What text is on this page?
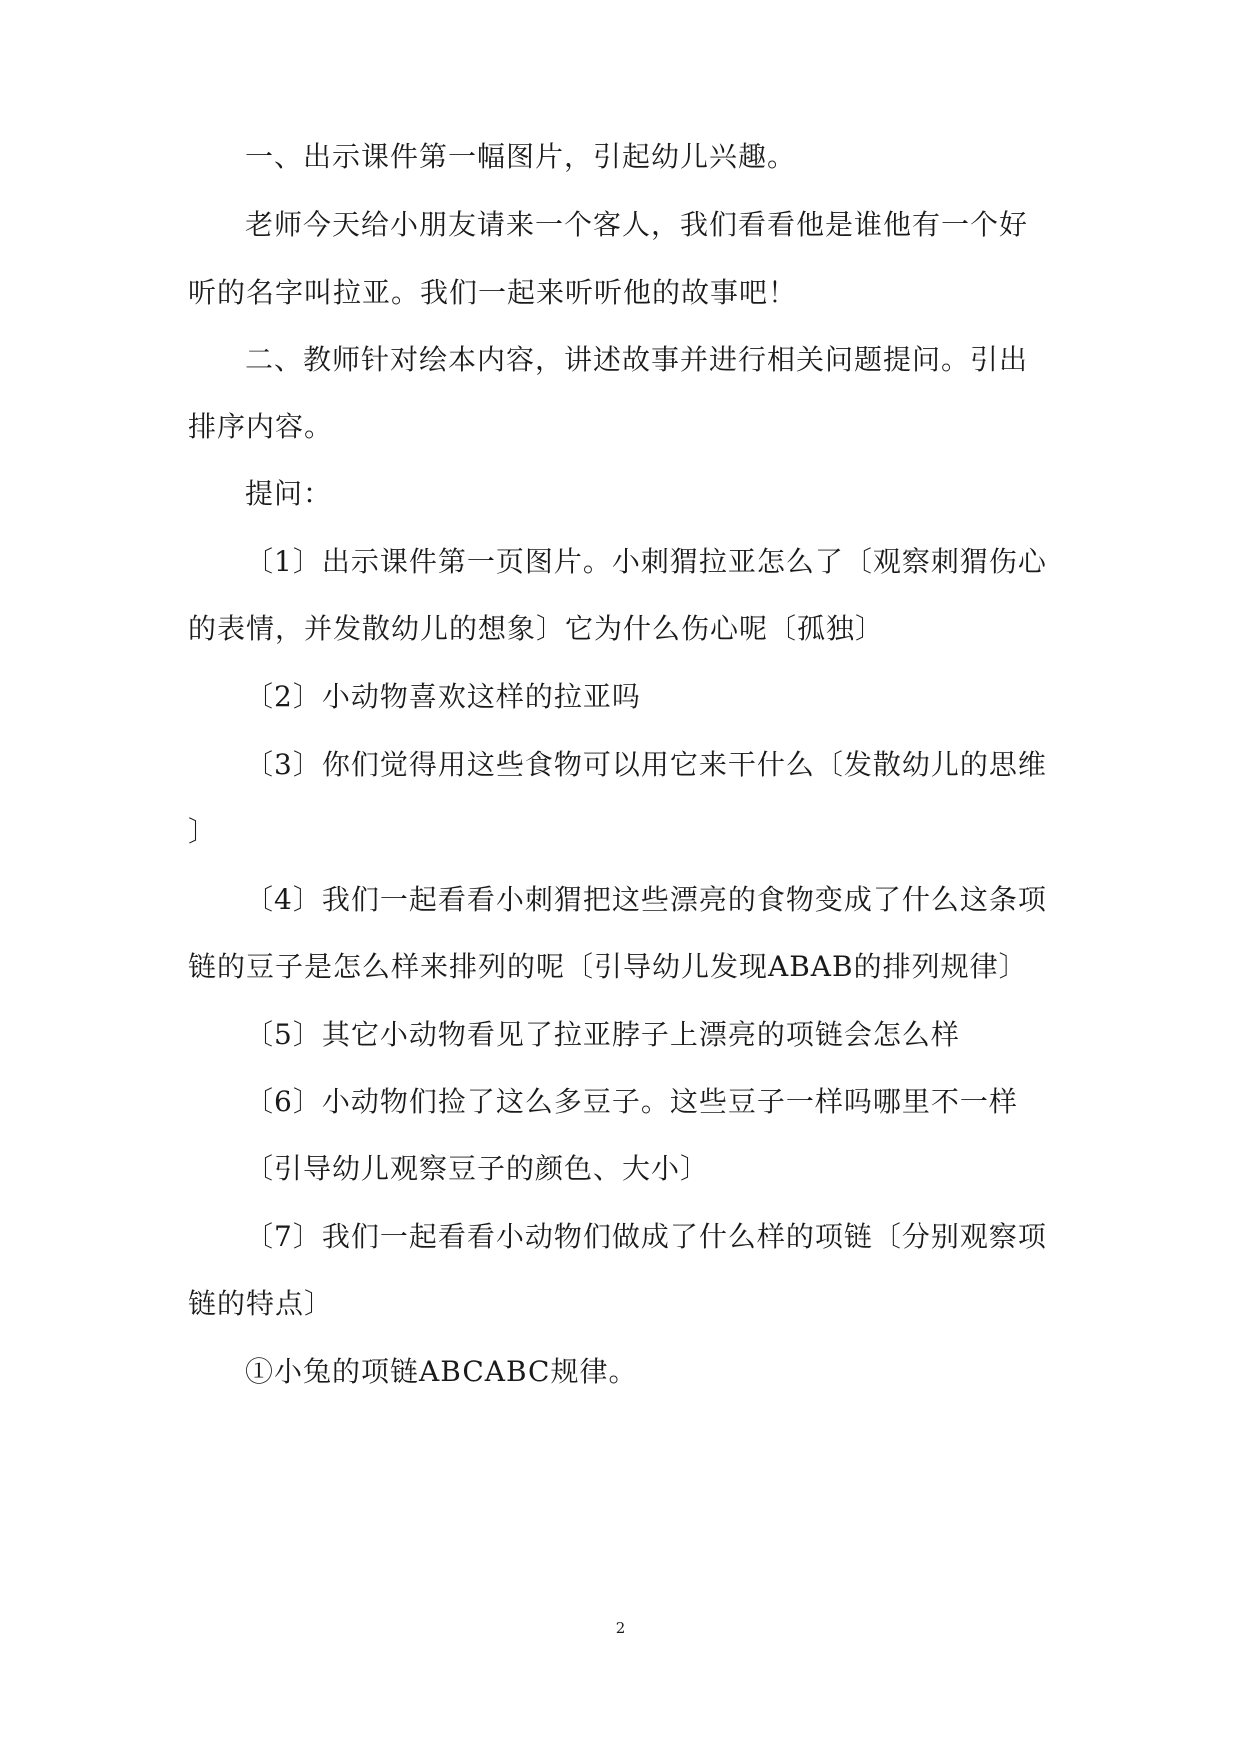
一、出示课件第一幅图片，引起幼儿兴趣。
老师今天给小朋友请来一个客人，我们看看他是谁他有一个好
听的名字叫拉亚。我们一起来听听他的故事吧！
二、教师针对绘本内容，讲述故事并进行相关问题提问。引出
排序内容。
提问：
〔1〕出示课件第一页图片。小刺猬拉亚怎么了〔观察刺猬伤心
的表情，并发散幼儿的想象〕它为什么伤心呢〔孤独〕
〔2〕小动物喜欢这样的拉亚吗
〔3〕你们觉得用这些食物可以用它来干什么〔发散幼儿的思维
〕
〔4〕我们一起看看小刺猬把这些漂亮的食物变成了什么这条项
链的豆子是怎么样来排列的呢〔引导幼儿发现ABAB的排列规律〕
〔5〕其它小动物看见了拉亚脖子上漂亮的项链会怎么样
〔6〕小动物们捡了这么多豆子。这些豆子一样吗哪里不一样
〔引导幼儿观察豆子的颜色、大小〕
〔7〕我们一起看看小动物们做成了什么样的项链〔分别观察项
链的特点〕
①小兔的项链ABCABC规律。
2
